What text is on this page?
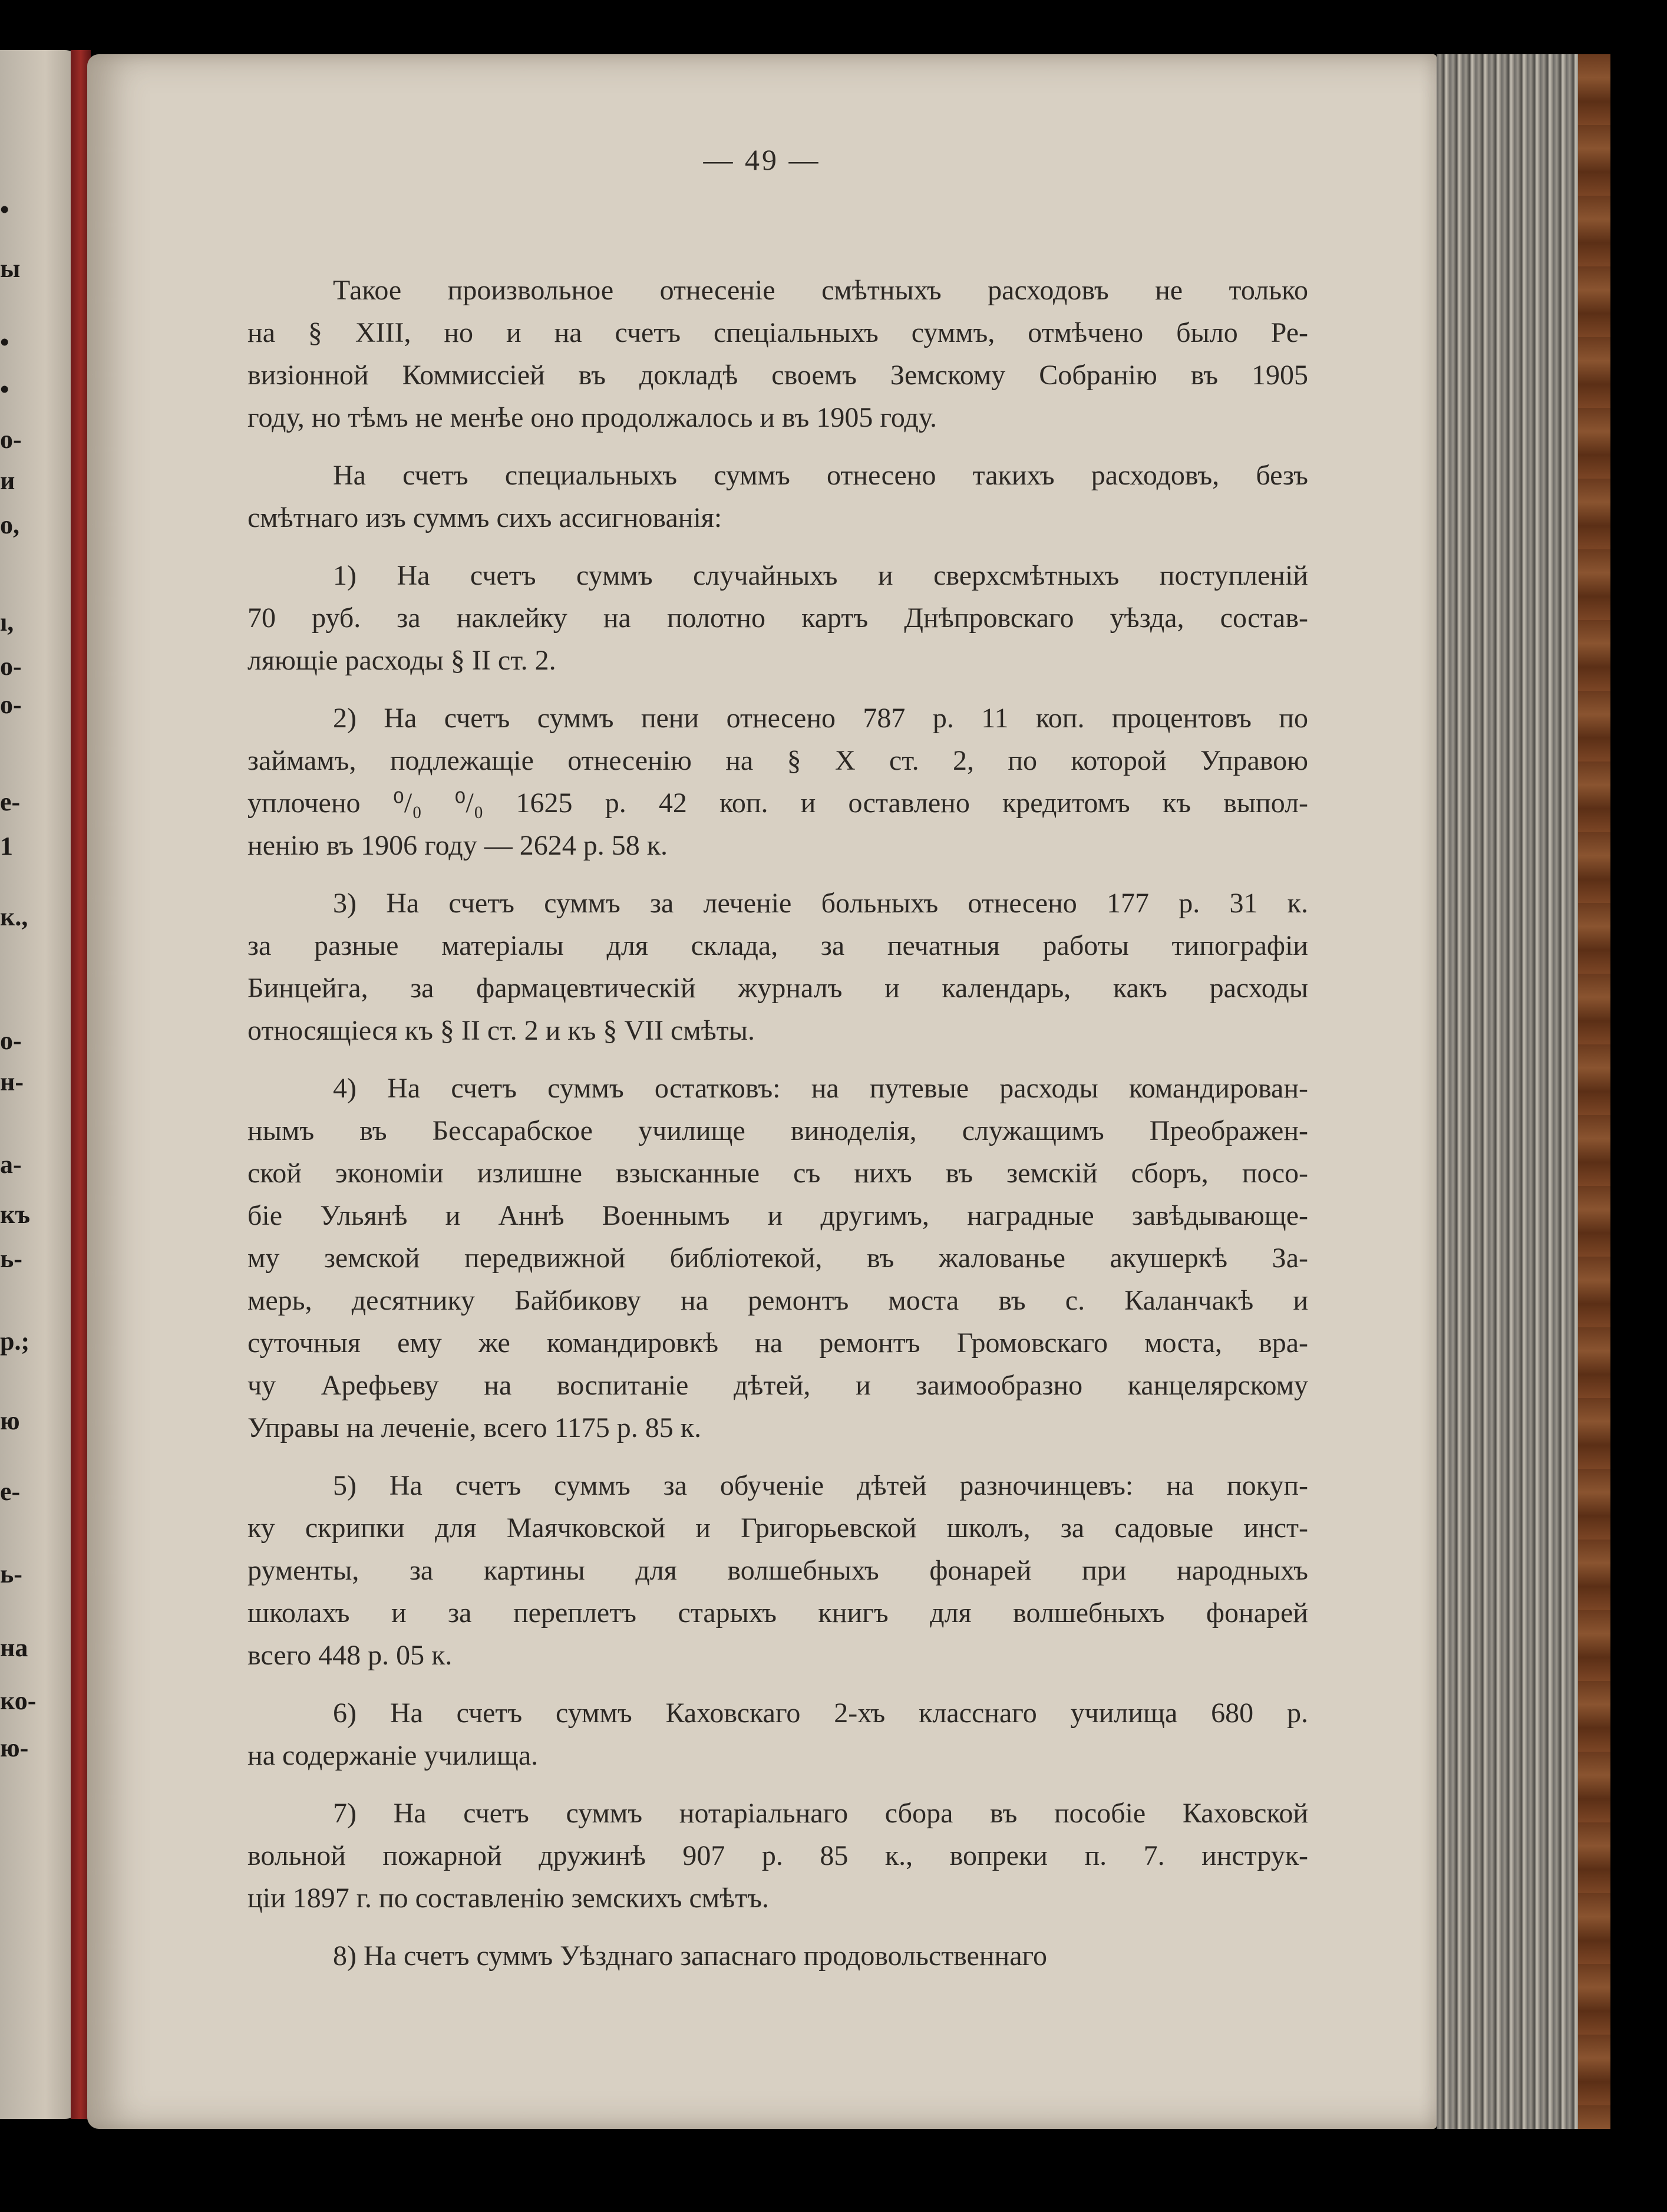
•
ы
•
•
о-
и
о,
ı,
о-
о-
е-
1
к.,
о-
н-
а-
къ
ь-
р.;
ю
е-
ь-
на
ко-
ю-
— 49 —
Такое произвольное отнесеніе смѣтныхъ расходовъ не только
на § XIII, но и на счетъ спеціальныхъ суммъ, отмѣчено было Ре-
визіонной Коммиссіей въ докладѣ своемъ Земскому Собранію въ 1905
году, но тѣмъ не менѣе оно продолжалось и въ 1905 году.
На счетъ специальныхъ суммъ отнесено такихъ расходовъ, безъ
смѣтнаго изъ суммъ сихъ ассигнованія:
1) На счетъ суммъ случайныхъ и сверхсмѣтныхъ поступленій
70 руб. за наклейку на полотно картъ Днѣпровскаго уѣзда, состав-
ляющіе расходы § II ст. 2.
2) На счетъ суммъ пени отнесено 787 р. 11 коп. процентовъ по
займамъ, подлежащіе отнесенію на § X ст. 2, по которой Управою
уплочено ⁰/₀ ⁰/₀ 1625 р. 42 коп. и оставлено кредитомъ къ выпол-
ненію въ 1906 году — 2624 р. 58 к.
3) На счетъ суммъ за леченіе больныхъ отнесено 177 р. 31 к.
за разные матеріалы для склада, за печатныя работы типографіи
Бинцейга, за фармацевтическій журналъ и календарь, какъ расходы
относящіеся къ § II ст. 2 и къ § VII смѣты.
4) На счетъ суммъ остатковъ: на путевые расходы командирован-
нымъ въ Бессарабское училище виноделія, служащимъ Преображен-
ской экономіи излишне взысканные съ нихъ въ земскій сборъ, посо-
біе Ульянѣ и Аннѣ Военнымъ и другимъ, наградные завѣдывающе-
му земской передвижной библіотекой, въ жалованье акушеркѣ За-
мерь, десятнику Байбикову на ремонтъ моста въ с. Каланчакѣ и
суточныя ему же командировкѣ на ремонтъ Громовскаго моста, вра-
чу Арефьеву на воспитаніе дѣтей, и заимообразно канцелярскому
Управы на леченіе, всего 1175 р. 85 к.
5) На счетъ суммъ за обученіе дѣтей разночинцевъ: на покуп-
ку скрипки для Маячковской и Григорьевской школъ, за садовые инст-
рументы, за картины для волшебныхъ фонарей при народныхъ
школахъ и за переплетъ старыхъ книгъ для волшебныхъ фонарей
всего 448 р. 05 к.
6) На счетъ суммъ Каховскаго 2-хъ класснаго училища 680 р.
на содержаніе училища.
7) На счетъ суммъ нотаріальнаго сбора въ пособіе Каховской
вольной пожарной дружинѣ 907 р. 85 к., вопреки п. 7. инструк-
ціи 1897 г. по составленію земскихъ смѣтъ.
8) На счетъ суммъ Уѣзднаго запаснаго продовольственнаго
